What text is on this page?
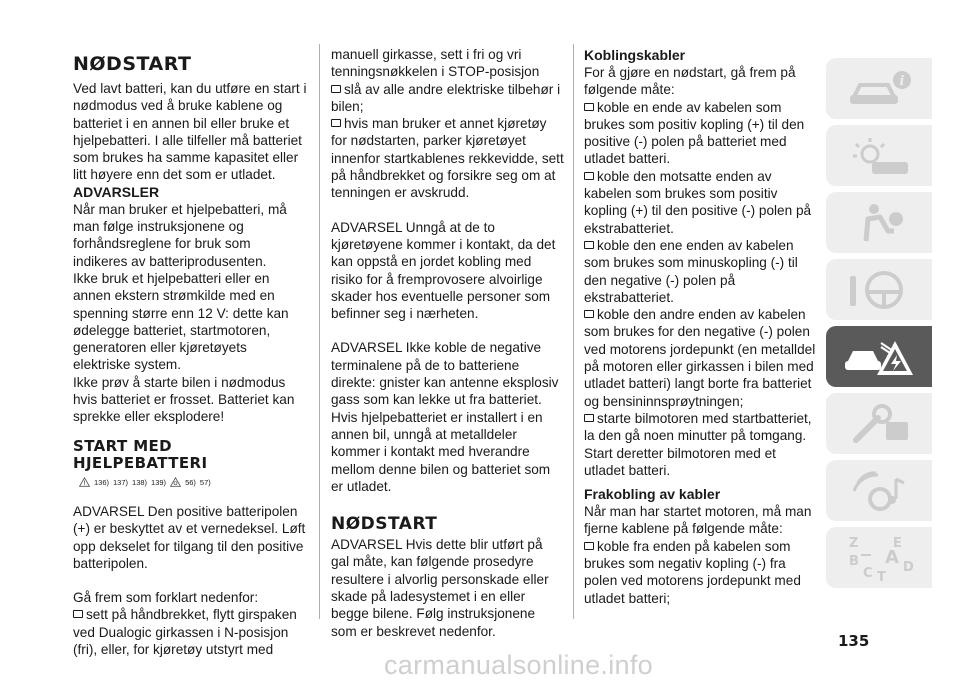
NØDSTART

Ved lavt batteri, kan du utføre en start i nødmodus ved å bruke kablene og batteriet i en annen bil eller bruke et hjelpebatteri. I alle tilfeller må batteriet som brukes ha samme kapasitet eller litt høyere enn det som er utladet.

ADVARSLER

Når man bruker et hjelpebatteri, må man følge instruksjonene og forhåndsreglene for bruk som indikeres av batteriprodusenten.

Ikke bruk et hjelpebatteri eller en annen ekstern strømkilde med en spenning større enn 12 V: dette kan ødelegge batteriet, startmotoren, generatoren eller kjøretøyets elektriske system.

Ikke prøv å starte bilen i nødmodus hvis batteriet er frosset. Batteriet kan sprekke eller eksplodere!

START MED HJELPEBATTERI
136) 137) 138) 139)	56) 57)

ADVARSEL Den positive batteripolen (+) er beskyttet av et vernedeksel. Løft opp dekselet for tilgang til den positive batteripolen.

Gå frem som forklart nedenfor:

sett på håndbrekket, flytt girspaken ved Dualogic girkassen i N-posisjon (fri), eller, for kjøretøy utstyrt med

manuell girkasse, sett i fri og vri tenningsnøkkelen i STOP-posisjon

slå av alle andre elektriske tilbehør i bilen;

hvis man bruker et annet kjøretøy for nødstarten, parker kjøretøyet innenfor startkablenes rekkevidde, sett på håndbrekket og forsikre seg om at tenningen er avskrudd.

ADVARSEL Unngå at de to kjøretøyene kommer i kontakt, da det kan oppstå en jordet kobling med risiko for å fremprovosere alvoirlige skader hos eventuelle personer som befinner seg i nærheten.

ADVARSEL Ikke koble de negative terminalene på de to batteriene direkte: gnister kan antenne eksplosiv gass som kan lekke ut fra batteriet. Hvis hjelpebatteriet er installert i en annen bil, unngå at metalldeler kommer i kontakt med hverandre mellom denne bilen og batteriet som er utladet.

NØDSTART

ADVARSEL Hvis dette blir utført på gal måte, kan følgende prosedyre resultere i alvorlig personskade eller skade på ladesystemet i en eller begge bilene. Følg instruksjonene som er beskrevet nedenfor.

Koblingskabler

For å gjøre en nødstart, gå frem på følgende måte:

koble en ende av kabelen som brukes som positiv kopling (+) til den positive (-) polen på batteriet med utladet batteri.

koble den motsatte enden av kabelen som brukes som positiv kopling (+) til den positive (-) polen på ekstrabatteriet.

koble den ene enden av kabelen som brukes som minuskopling (-) til den negative (-) polen på ekstrabatteriet.

koble den andre enden av kabelen som brukes for den negative (-) polen ved motorens jordepunkt (en metalldel på motoren eller girkassen i bilen med utladet batteri) langt borte fra batteriet og bensininnsprøytningen;

starte bilmotoren med startbatteriet, la den gå noen minutter på tomgang. Start deretter bilmotoren med et utladet batteri.

Frakobling av kabler

Når man har startet motoren, må man fjerne kablene på følgende måte:

koble fra enden på kabelen som brukes som negativ kopling (-) fra polen ved motorens jordepunkt med utladet batteri;

i
Z	E
B A
C T
D
135
carmanualsonline.info
